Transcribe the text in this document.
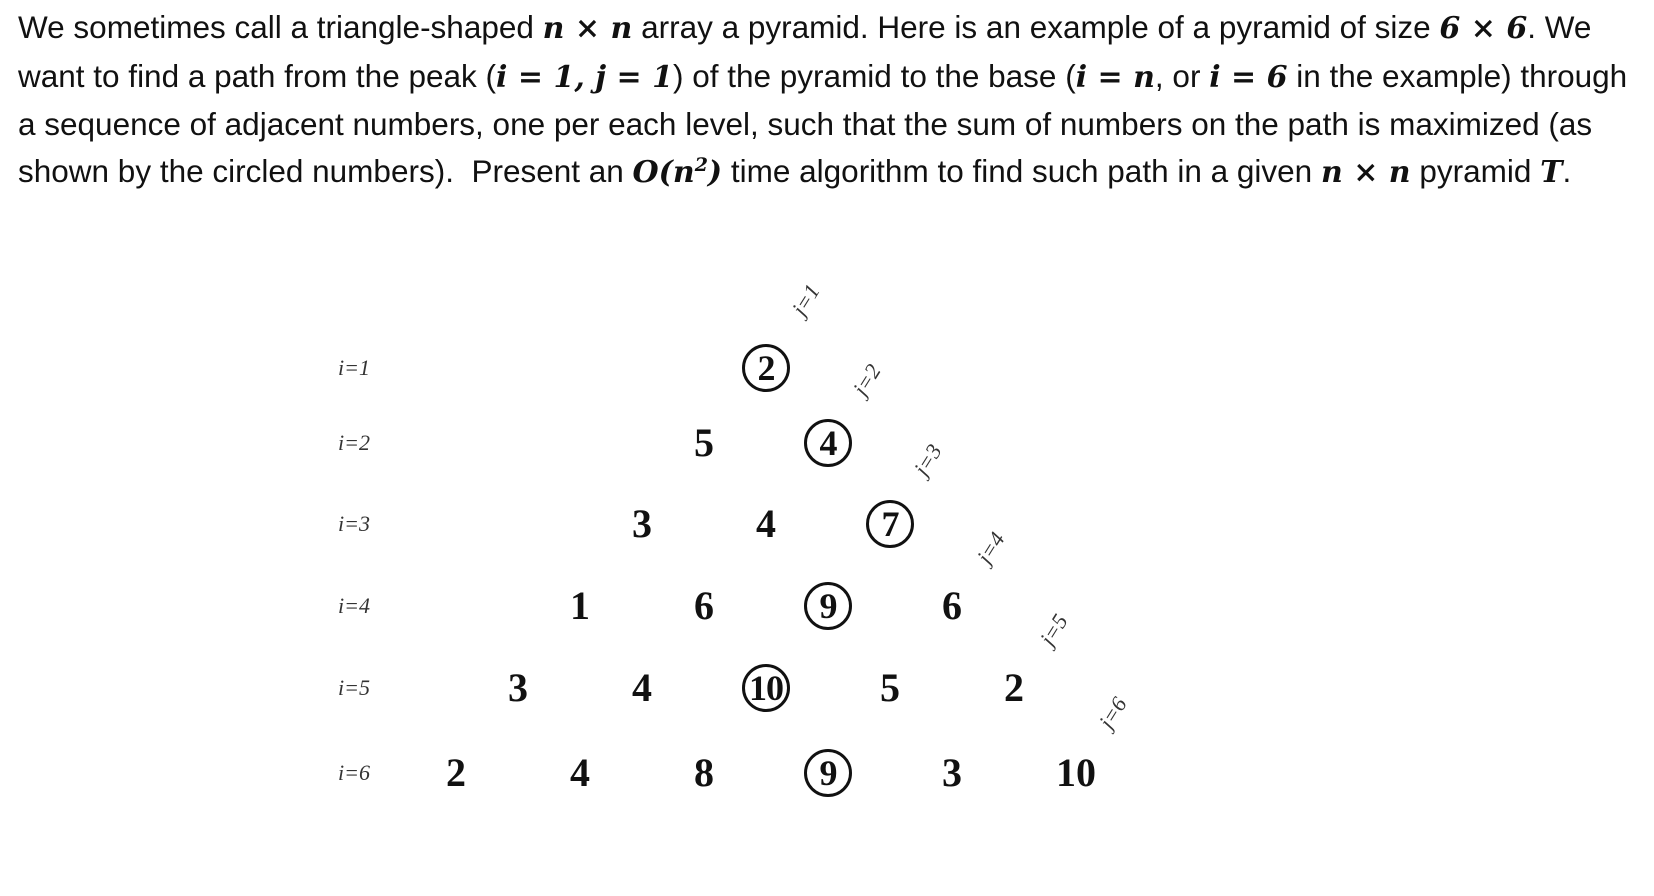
We sometimes call a triangle-shaped n × n array a pyramid. Here is an example of a pyramid of size 6 × 6. We want to find a path from the peak (i = 1, j = 1) of the pyramid to the base (i = n, or i = 6 in the example) through a sequence of adjacent numbers, one per each level, such that the sum of numbers on the path is maximized (as shown by the circled numbers).  Present an $O(n^2)$ time algorithm to find such path in a given n × n pyramid T.
i=1
i=2
i=3
i=4
i=5
i=6
j=1
j=2
j=3
j=4
j=5
j=6
2
5	4
3	4	7
1	6	9	6
3	4	10 5	2
2	4	8	9	3 10
